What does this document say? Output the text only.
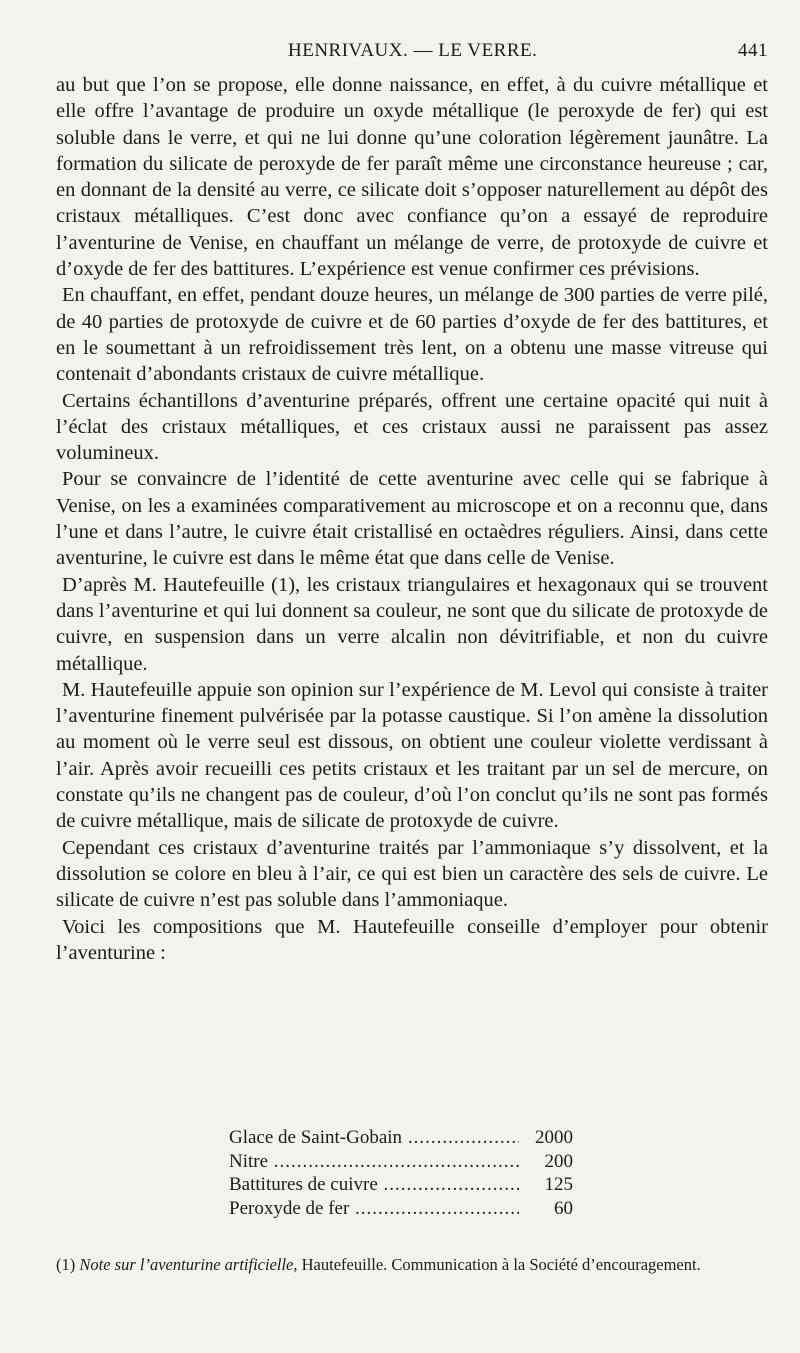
HENRIVAUX. — LE VERRE.	441

au but que l’on se propose, elle donne naissance, en effet, à du cuivre métallique et elle offre l’avantage de produire un oxyde métallique (le peroxyde de fer) qui est soluble dans le verre, et qui ne lui donne qu’une coloration légèrement jaunâtre. La formation du silicate de peroxyde de fer paraît même une circonstance heureuse ; car, en donnant de la densité au verre, ce silicate doit s’opposer naturellement au dépôt des cristaux métalliques. C’est donc avec confiance qu’on a essayé de reproduire l’aventurine de Venise, en chauffant un mélange de verre, de protoxyde de cuivre et d’oxyde de fer des battitures. L’expérience est venue confirmer ces prévisions.

En chauffant, en effet, pendant douze heures, un mélange de 300 parties de verre pilé, de 40 parties de protoxyde de cuivre et de 60 parties d’oxyde de fer des battitures, et en le soumettant à un refroidissement très lent, on a obtenu une masse vitreuse qui contenait d’abondants cristaux de cuivre métallique.

Certains échantillons d’aventurine préparés, offrent une certaine opacité qui nuit à l’éclat des cristaux métalliques, et ces cristaux aussi ne paraissent pas assez volumineux.

Pour se convaincre de l’identité de cette aventurine avec celle qui se fabrique à Venise, on les a examinées comparativement au microscope et on a reconnu que, dans l’une et dans l’autre, le cuivre était cristallisé en octaèdres réguliers. Ainsi, dans cette aventurine, le cuivre est dans le même état que dans celle de Venise.

D’après M. Hautefeuille (1), les cristaux triangulaires et hexagonaux qui se trouvent dans l’aventurine et qui lui donnent sa couleur, ne sont que du silicate de protoxyde de cuivre, en suspension dans un verre alcalin non dévitrifiable, et non du cuivre métallique.

M. Hautefeuille appuie son opinion sur l’expérience de M. Levol qui consiste à traiter l’aventurine finement pulvérisée par la potasse caustique. Si l’on amène la dissolution au moment où le verre seul est dissous, on obtient une couleur violette verdissant à l’air. Après avoir recueilli ces petits cristaux et les traitant par un sel de mercure, on constate qu’ils ne changent pas de couleur, d’où l’on conclut qu’ils ne sont pas formés de cuivre métallique, mais de silicate de protoxyde de cuivre.

Cependant ces cristaux d’aventurine traités par l’ammoniaque s’y dissolvent, et la dissolution se colore en bleu à l’air, ce qui est bien un caractère des sels de cuivre. Le silicate de cuivre n’est pas soluble dans l’ammoniaque.

Voici les compositions que M. Hautefeuille conseille d’employer pour obtenir l’aventurine :

Glace de Saint-Gobain .....	2000
Nitre .....	200
Battitures de cuivre .....	125
Peroxyde de fer .....	60
(1) Note sur l’aventurine artificielle, Hautefeuille. Communication à la Société d’encouragement.
